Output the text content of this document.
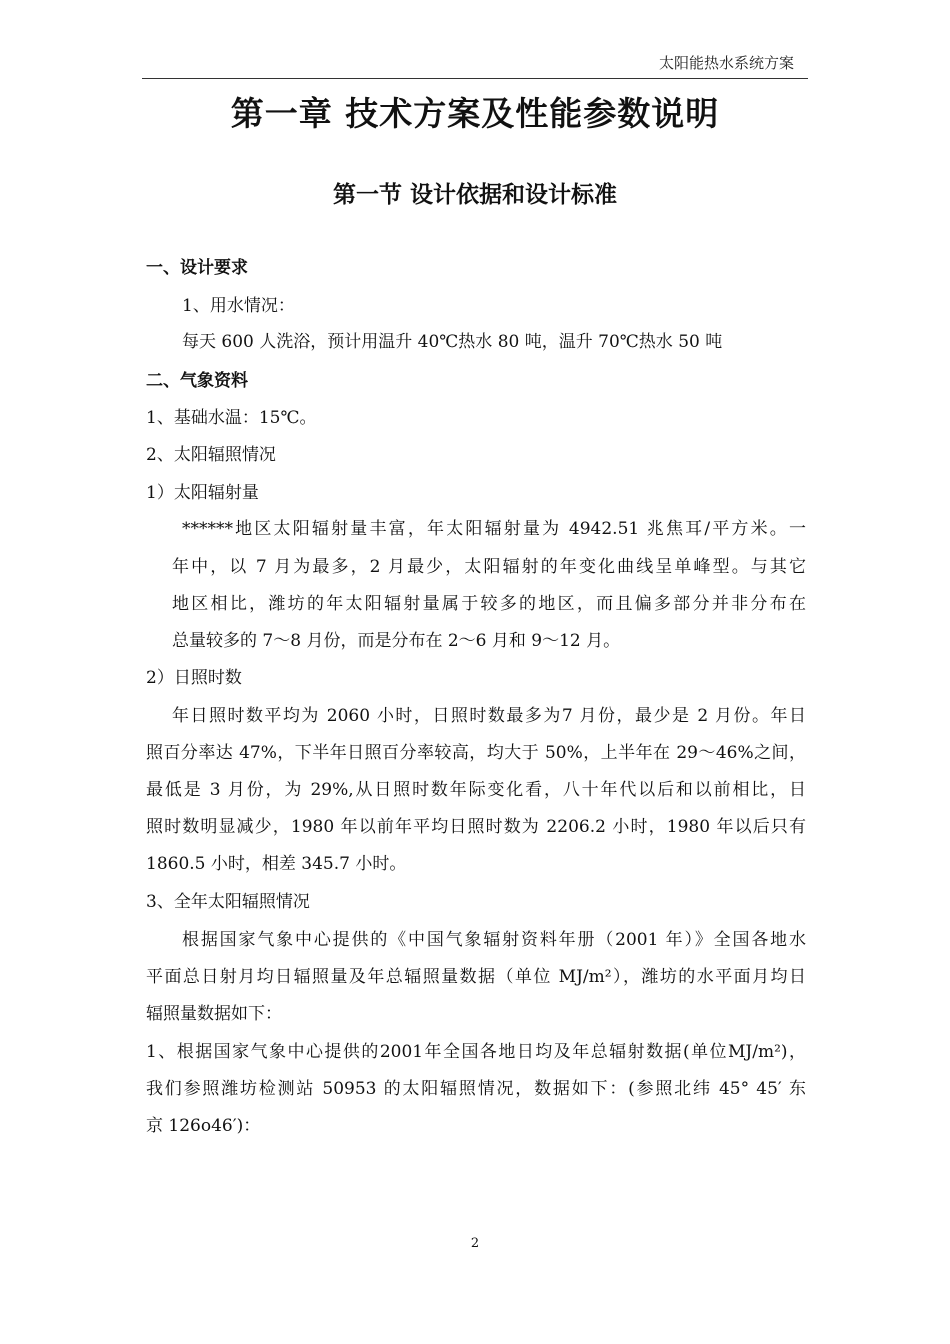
太阳能热水系统方案
第一章 技术方案及性能参数说明
第一节 设计依据和设计标准
一、设计要求
1、用水情况：
每天 600 人洗浴，预计用温升 40℃热水 80 吨，温升 70℃热水 50 吨
二、气象资料
1、基础水温：15℃。
2、太阳辐照情况
1）太阳辐射量
******地区太阳辐射量丰富，年太阳辐射量为 4942.51 兆焦耳/平方米。一
年中，以 7 月为最多，2 月最少，太阳辐射的年变化曲线呈单峰型。与其它
地区相比，潍坊的年太阳辐射量属于较多的地区，而且偏多部分并非分布在
总量较多的 7～8 月份，而是分布在 2～6 月和 9～12 月。
2）日照时数
年日照时数平均为 2060 小时，日照时数最多为7 月份，最少是 2 月份。年日
照百分率达 47%，下半年日照百分率较高，均大于 50%，上半年在 29～46%之间，
最低是 3 月份，为 29%,从日照时数年际变化看，八十年代以后和以前相比，日
照时数明显减少，1980 年以前年平均日照时数为 2206.2 小时，1980 年以后只有
1860.5 小时，相差 345.7 小时。
3、全年太阳辐照情况
根据国家气象中心提供的《中国气象辐射资料年册（2001 年）》全国各地水
平面总日射月均日辐照量及年总辐照量数据（单位 MJ/m²），潍坊的水平面月均日
辐照量数据如下：
1、根据国家气象中心提供的2001年全国各地日均及年总辐射数据(单位MJ/m²)，
我们参照潍坊检测站 50953 的太阳辐照情况，数据如下：(参照北纬 45° 45′ 东
京 126o46′)：
2
